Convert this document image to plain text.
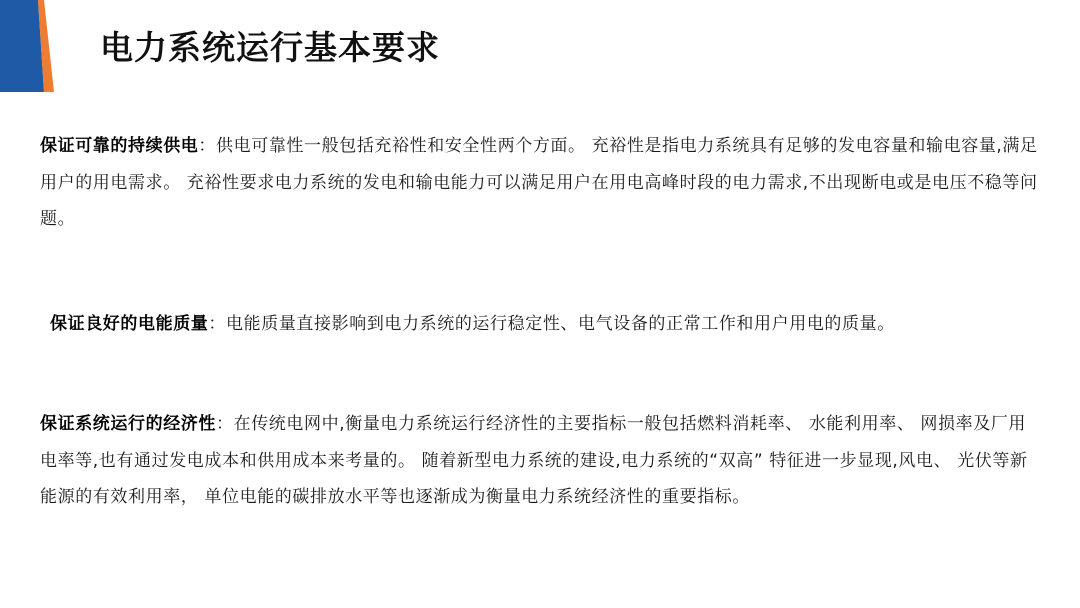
电力系统运行基本要求
保证可靠的持续供电：供电可靠性一般包括充裕性和安全性两个方面。 充裕性是指电力系统具有足够的发电容量和输电容量,满足用户的用电需求。 充裕性要求电力系统的发电和输电能力可以满足用户在用电高峰时段的电力需求,不出现断电或是电压不稳等问题。
保证良好的电能质量：电能质量直接影响到电力系统的运行稳定性、电气设备的正常工作和用户用电的质量。
保证系统运行的经济性：在传统电网中,衡量电力系统运行经济性的主要指标一般包括燃料消耗率、 水能利用率、 网损率及厂用电率等,也有通过发电成本和供用成本来考量的。 随着新型电力系统的建设,电力系统的“双高” 特征进一步显现,风电、 光伏等新能源的有效利用率， 单位电能的碳排放水平等也逐渐成为衡量电力系统经济性的重要指标。
